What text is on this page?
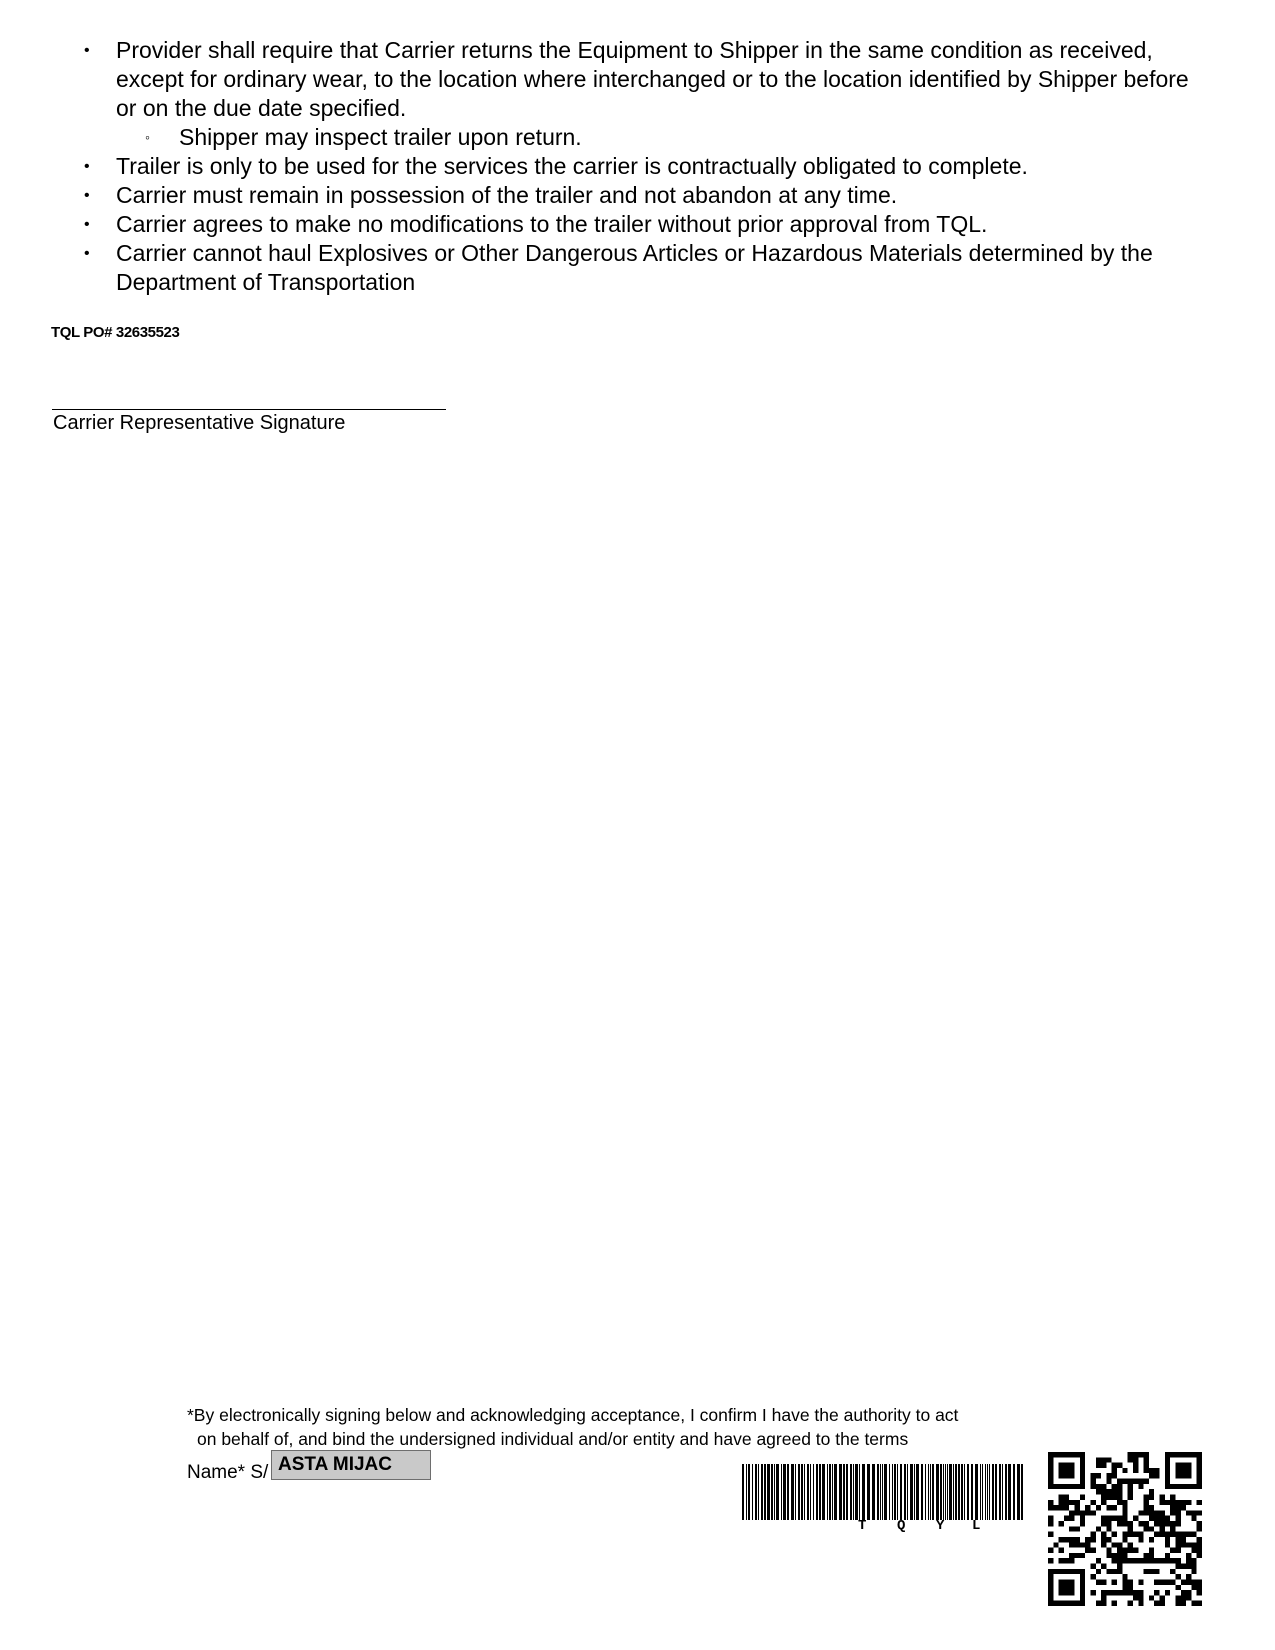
• Provider shall require that Carrier returns the Equipment to Shipper in the same condition as received, except for ordinary wear, to the location where interchanged or to the location identified by Shipper before or on the due date specified.
◦ Shipper may inspect trailer upon return.
• Trailer is only to be used for the services the carrier is contractually obligated to complete.
• Carrier must remain in possession of the trailer and not abandon at any time.
• Carrier agrees to make no modifications to the trailer without prior approval from TQL.
• Carrier cannot haul Explosives or Other Dangerous Articles or Hazardous Materials determined by the Department of Transportation
TQL PO# 32635523
Carrier Representative Signature
*By electronically signing below and acknowledging acceptance, I confirm I have the authority to act
on behalf of, and bind the undersigned individual and/or entity and have agreed to the terms
Name* S/ ASTA MIJAC
T Q Y L
